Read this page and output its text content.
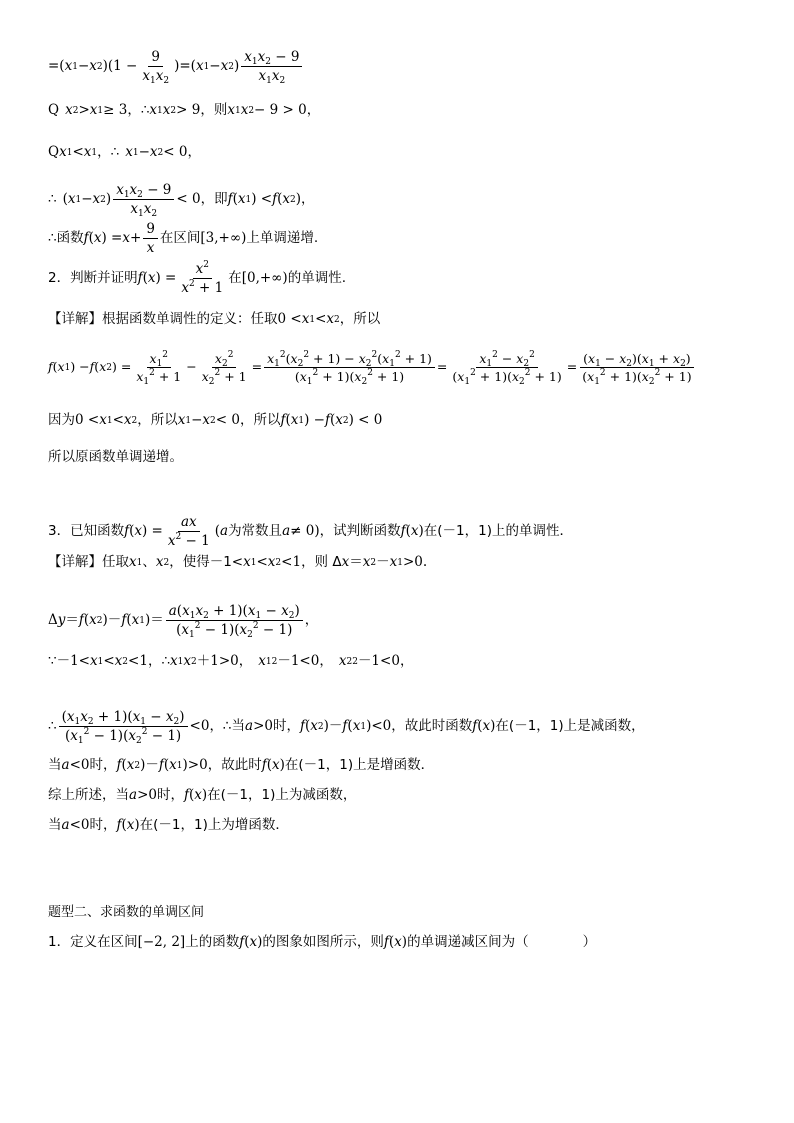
=( x 1 − x 2 )($1 - \frac{9}{x_1x_2}$ )=( x 1 − x 2 ) $\frac{x_1x_2 - 9}{x_1x_2}$
Q x 2 > x 1 ≥ 3 ， ∴ x 1 x 2 > 9 ，则 x 1 x 2 − 9 > 0 ，
Q x 1 < x 1 ， ∴ x 1 − x 2 < 0 ，
∴
( x 1 − x 2 ) $\frac{x_1x_2 - 9}{x_1x_2} < 0$ ，即 f ( x 1 ) < f ( x 2 ) ，
∴ 函数 f ( x ) = $x + \frac{9}{x}$ 在区间 [3,+∞) 上单调递增.
2．判断并证明 f ( x ) = $\frac{x^2}{x^2 + 1}$ 在 [0,+∞) 的单调性.
【详解】根据函数单调性的定义：任取 0 < x 1 < x 2 ，所以
f ( x 1 ) − f ( x 2 ) = $\frac{x_1^2}{x_1^2 + 1} - \frac{x_2^2}{x_2^2 + 1} = \frac{x_1^2(x_2^2 + 1) - x_2^2(x_1^2 + 1)}{(x_1^2 + 1)(x_2^2 + 1)} = \frac{x_1^2 - x_2^2}{(x_1^2 + 1)(x_2^2 + 1)} = \frac{(x_1 - x_2)(x_1 + x_2)}{(x_1^2 + 1)(x_2^2 + 1)}$
因为 0 < x 1 < x 2 ，所以 x 1 − x 2 < 0 ，所以 f ( x 1 ) − f ( x 2 ) < 0
所以原函数单调递增。
3．已知函数 f ( x ) = $\frac{ax}{x^2 - 1}$ ( a 为常数且 a ≠ 0) ，试判断函数 f ( x ) 在(－1，1)上的单调性．
【详解】任取 x 1 、 x 2 ，使得－1< x 1 < x 2 <1 ，则 Δ x ＝ x 2 － x 1 >0.
Δ y ＝ f ( x 2 )－ f ( x 1 )＝ $\frac{a(x_1x_2 + 1)(x_1 - x_2)}{(x_1^2 - 1)(x_2^2 - 1)}$ ，
∵－1< x 1 < x 2 <1 ， ∴ x 1 x 2 ＋1>0 ， x 1 2 －1<0 ， x 2 2 －1<0 ，
∴ $\frac{(x_1x_2 + 1)(x_1 - x_2)}{(x_1^2 - 1)(x_2^2 - 1)} <0$ ，∴当 a >0 时， f ( x 2 )－ f ( x 1 )<0 ，故此时函数 f ( x ) 在(－1，1)上是减函数，
当 a <0 时， f ( x 2 )－ f ( x 1 )>0 ，故此时 f ( x ) 在(－1，1)上是增函数．
综上所述，当 a >0 时， f ( x ) 在(－1，1)上为减函数，
当 a <0 时， f ( x ) 在(－1，1)上为增函数．
题型二、求函数的单调区间
1．定义在区间 [−2, 2] 上的函数 f ( x ) 的图象如图所示，则 f ( x ) 的单调递减区间为（　　　　）
